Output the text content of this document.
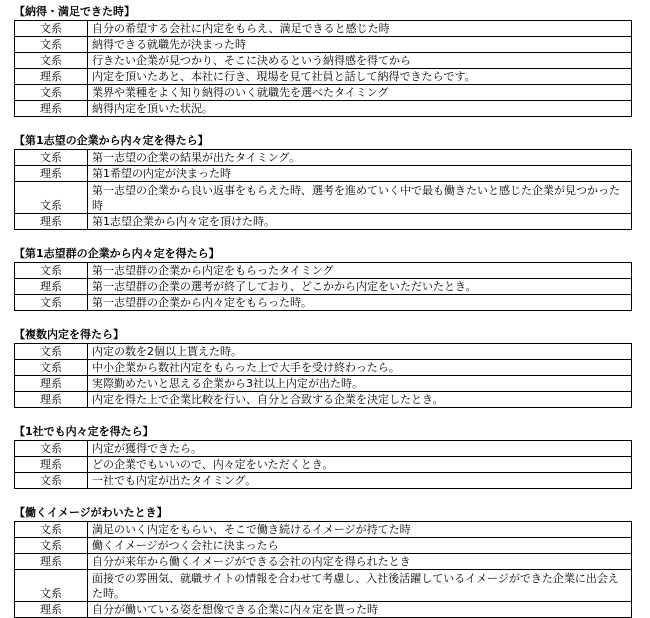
【納得・満足できた時】
文系	自分の希望する会社に内定をもらえ、満足できると感じた時
文系	納得できる就職先が決まった時
文系	行きたい企業が見つかり、そこに決めるという納得感を得てから
理系	内定を頂いたあと、本社に行き、現場を見て社員と話して納得できたらです。
文系	業界や業種をよく知り納得のいく就職先を選べたタイミング
理系	納得内定を頂いた状況。
【第1志望の企業から内々定を得たら】
文系	第一志望の企業の結果が出たタイミング。
理系	第1希望の内定が決まった時
文系	第一志望の企業から良い返事をもらえた時、選考を進めていく中で最も働きたいと感じた企業が見つかった時
理系	第1志望企業から内々定を頂けた時。
【第1志望群の企業から内々定を得たら】
文系	第一志望群の企業から内定をもらったタイミング
理系	第一志望群の企業の選考が終了しており、どこかから内定をいただいたとき。
文系	第一志望群の企業から内々定をもらった時。
【複数内定を得たら】
文系	内定の数を2個以上貰えた時。
文系	中小企業から数社内定をもらった上で大手を受け終わったら。
理系	実際勤めたいと思える企業から3社以上内定が出た時。
理系	内定を得た上で企業比較を行い、自分と合致する企業を決定したとき。
【1社でも内々定を得たら】
文系	内定が獲得できたら。
理系	どの企業でもいいので、内々定をいただくとき。
文系	一社でも内定が出たタイミング。
【働くイメージがわいたとき】
文系	満足のいく内定をもらい、そこで働き続けるイメージが持てた時
文系	働くイメージがつく会社に決まったら
理系	自分が来年から働くイメージができる会社の内定を得られたとき
文系	面接での雰囲気、就職サイトの情報を合わせて考慮し、入社後活躍しているイメージができた企業に出会えた時。
理系	自分が働いている姿を想像できる企業に内々定を貰った時
